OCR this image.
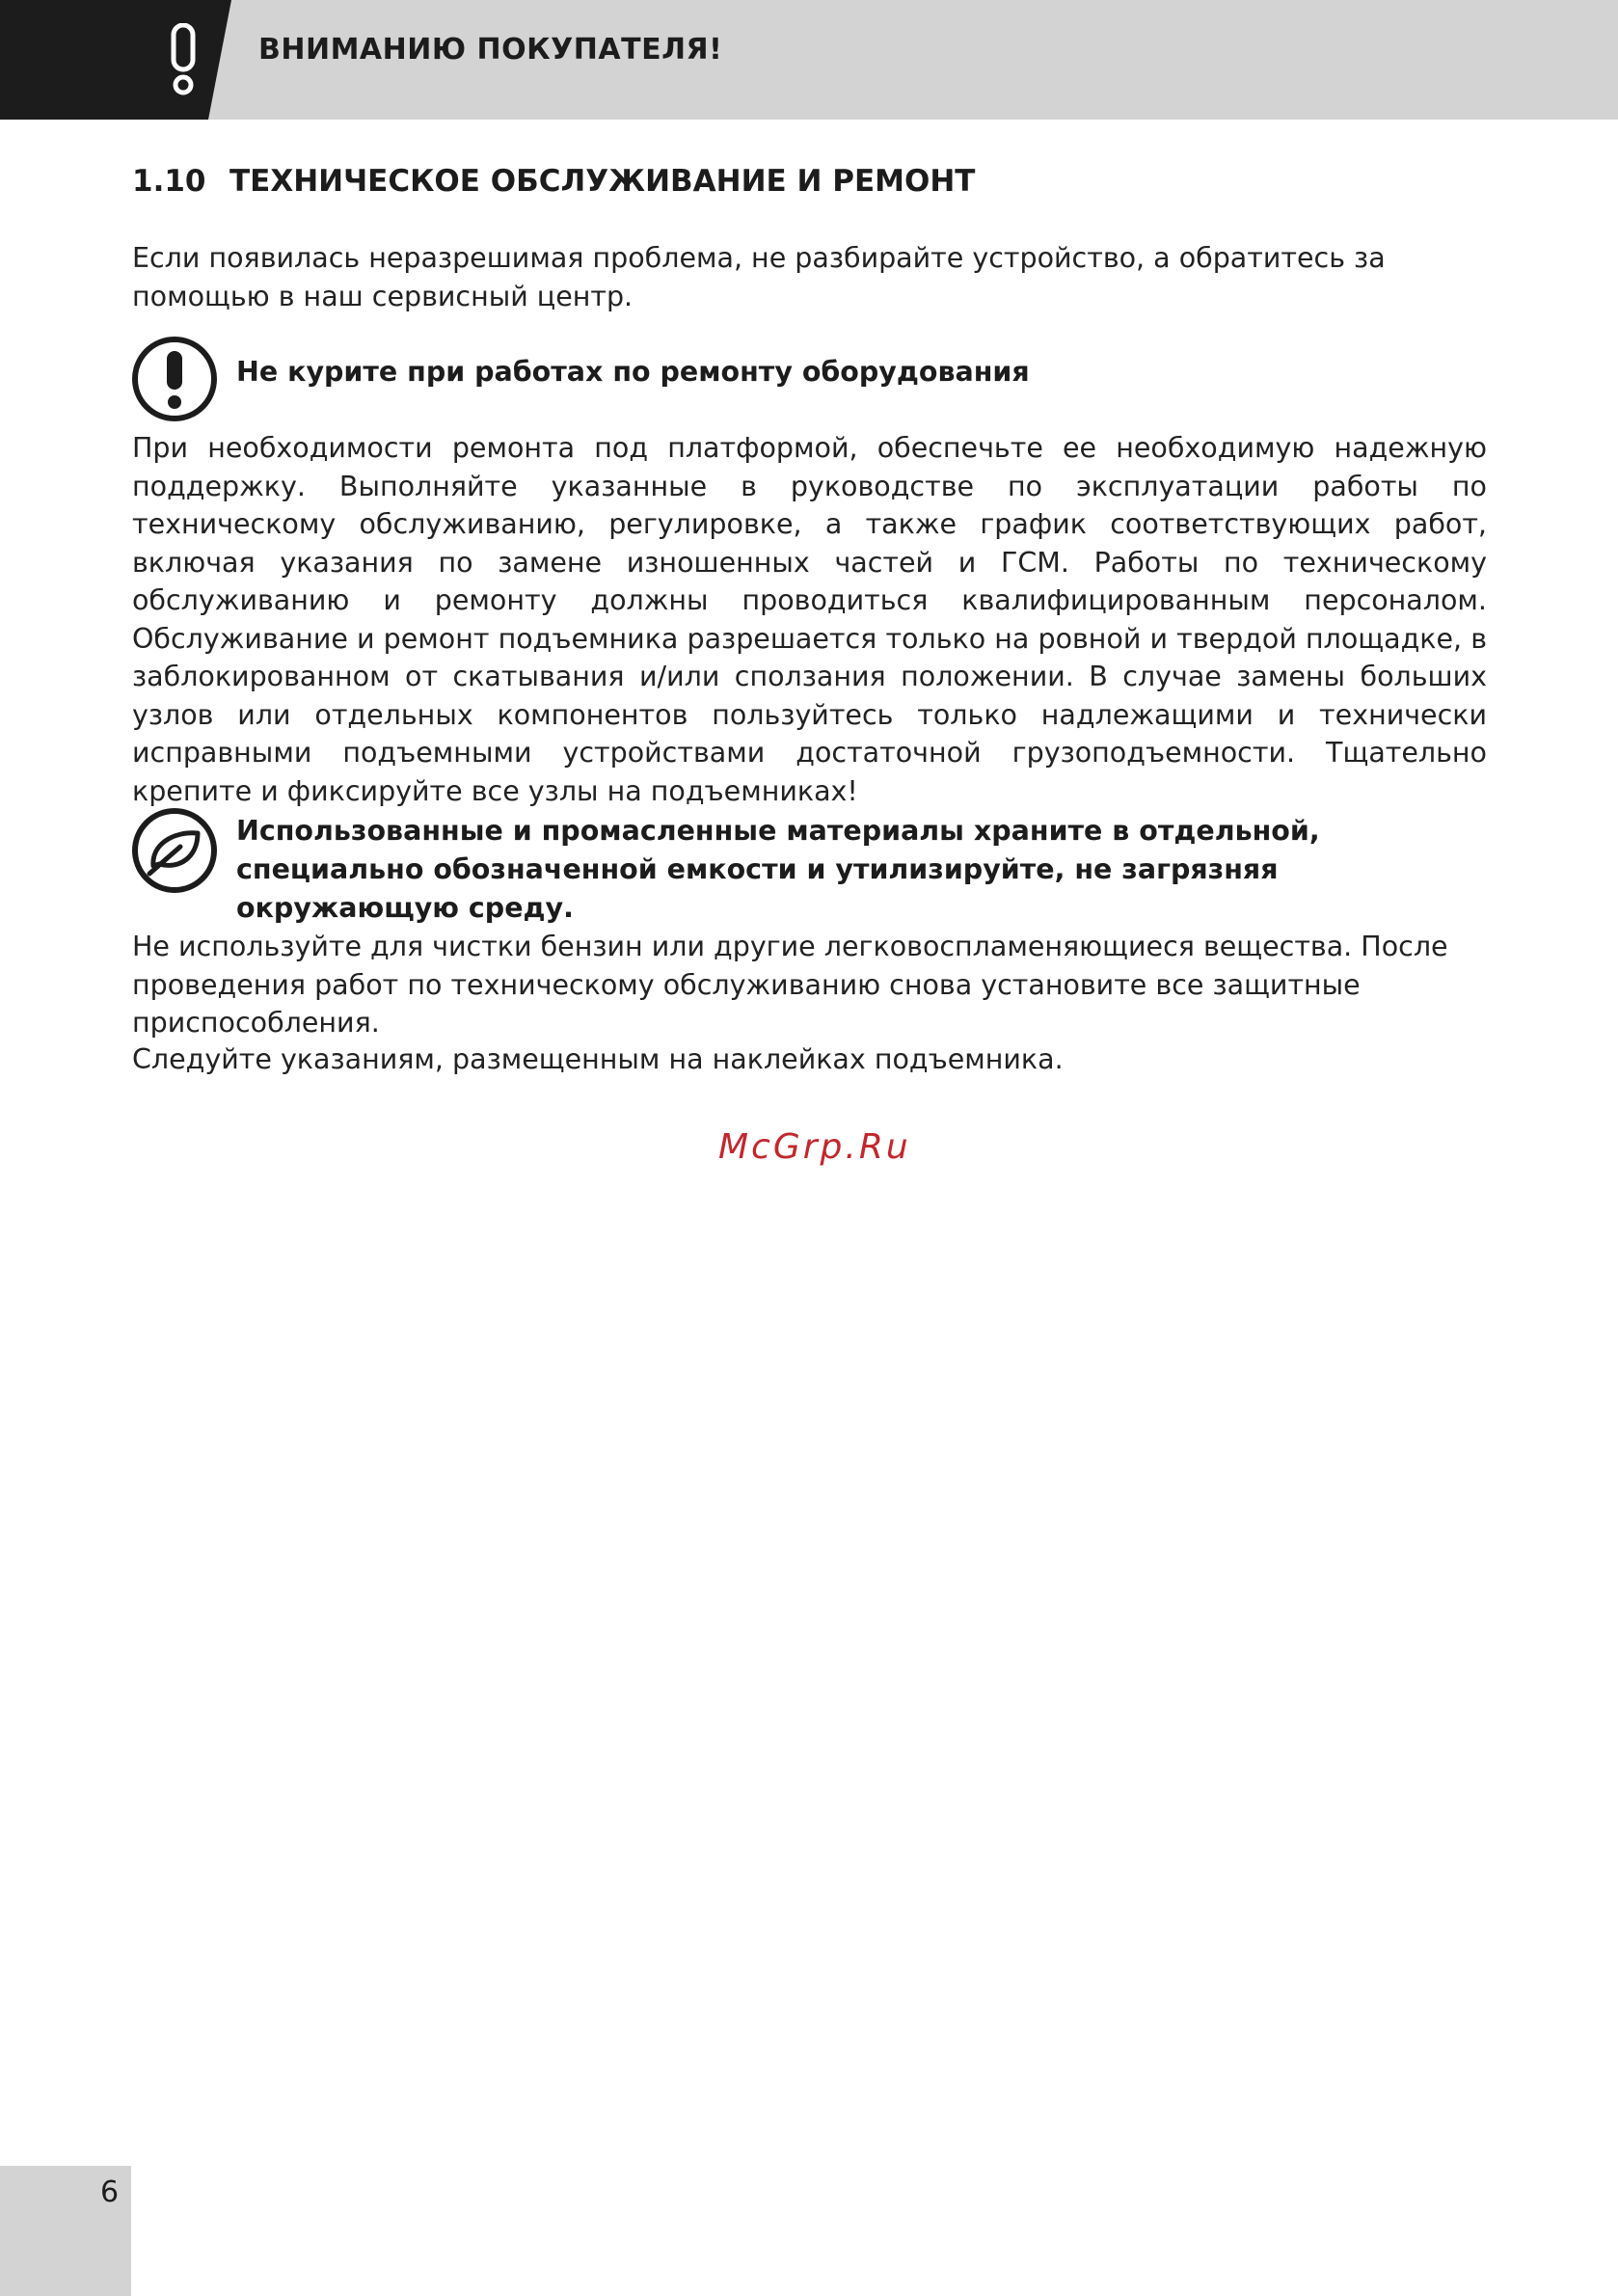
ВНИМАНИЮ ПОКУПАТЕЛЯ!
1.10 ТЕХНИЧЕСКОЕ ОБСЛУЖИВАНИЕ И РЕМОНТ
Если появилась неразрешимая проблема, не разбирайте устройство, а обратитесь за помощью в наш сервисный центр.
Не курите при работах по ремонту оборудования
При необходимости ремонта под платформой, обеспечьте ее необходимую надежную поддержку. Выполняйте указанные в руководстве по эксплуатации работы по техническому обслуживанию, регулировке, а также график соответствующих работ, включая указания по замене изношенных частей и ГСМ. Работы по техническому обслуживанию и ремонту должны проводиться квалифицированным персоналом. Обслуживание и ремонт подъемника разрешается только на ровной и твердой площадке, в заблокированном от скатывания и/или сползания положении. В случае замены больших узлов или отдельных компонентов пользуйтесь только надлежащими и технически исправными подъемными устройствами достаточной грузоподъемности. Тщательно крепите и фиксируйте все узлы на подъемниках!
Использованные и промасленные материалы храните в отдельной, специально обозначенной емкости и утилизируйте, не загрязняя окружающую среду.
Не используйте для чистки бензин или другие легковоспламеняющиеся вещества. После проведения работ по техническому обслуживанию снова установите все защитные приспособления.
Следуйте указаниям, размещенным на наклейках подъемника.
McGrp.Ru
6
